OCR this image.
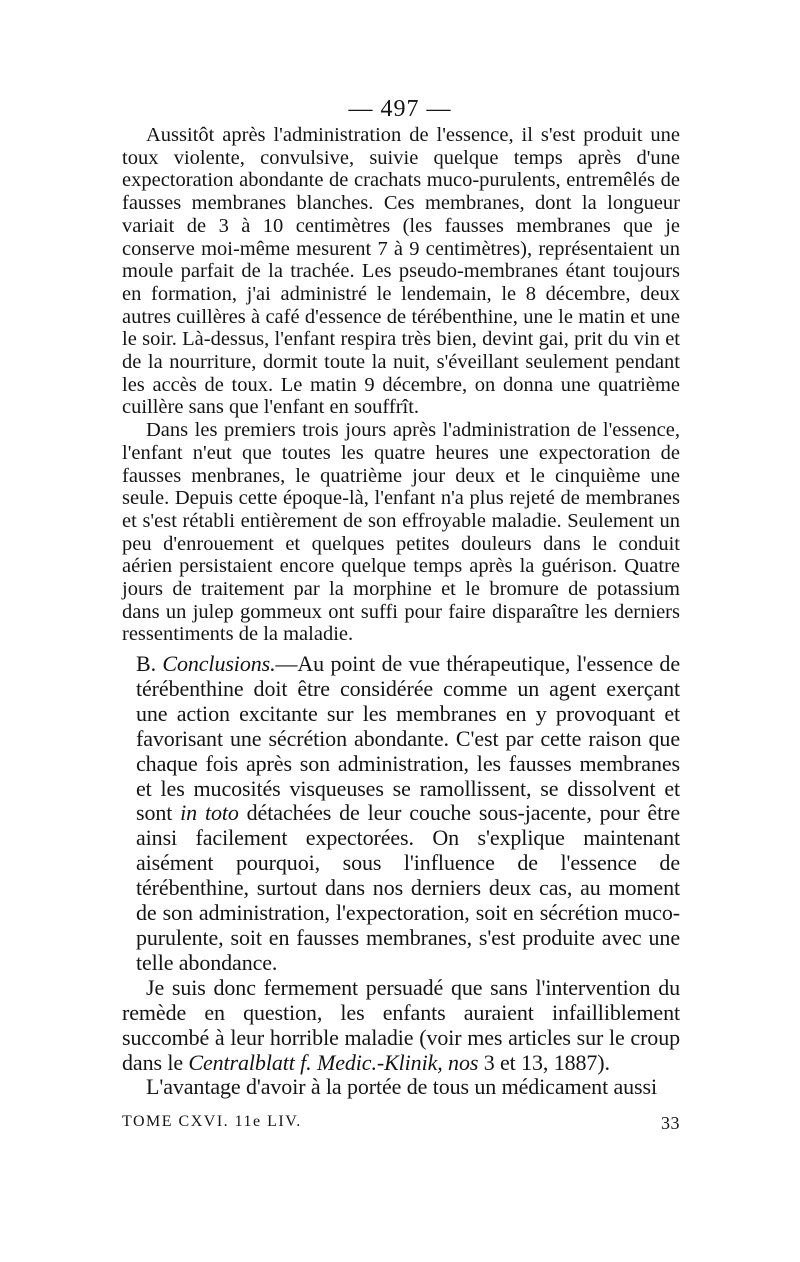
— 497 —

Aussitôt après l'administration de l'essence, il s'est produit une toux violente, convulsive, suivie quelque temps après d'une expectoration abondante de crachats muco-purulents, entremêlés de fausses membranes blanches. Ces membranes, dont la longueur variait de 3 à 10 centimètres (les fausses membranes que je conserve moi-même mesurent 7 à 9 centimètres), représentaient un moule parfait de la trachée. Les pseudo-membranes étant toujours en formation, j'ai administré le lendemain, le 8 décembre, deux autres cuillères à café d'essence de térébenthine, une le matin et une le soir. Là-dessus, l'enfant respira très bien, devint gai, prit du vin et de la nourriture, dormit toute la nuit, s'éveillant seulement pendant les accès de toux. Le matin 9 décembre, on donna une quatrième cuillère sans que l'enfant en souffrît.

Dans les premiers trois jours après l'administration de l'essence, l'enfant n'eut que toutes les quatre heures une expectoration de fausses menbranes, le quatrième jour deux et le cinquième une seule. Depuis cette époque-là, l'enfant n'a plus rejeté de membranes et s'est rétabli entièrement de son effroyable maladie. Seulement un peu d'enrouement et quelques petites douleurs dans le conduit aérien persistaient encore quelque temps après la guérison. Quatre jours de traitement par la morphine et le bromure de potassium dans un julep gommeux ont suffi pour faire disparaître les derniers ressentiments de la maladie.

B. Conclusions.—Au point de vue thérapeutique, l'essence de térébenthine doit être considérée comme un agent exerçant une action excitante sur les membranes en y provoquant et favorisant une sécrétion abondante. C'est par cette raison que chaque fois après son administration, les fausses membranes et les mucosités visqueuses se ramollissent, se dissolvent et sont in toto détachées de leur couche sous-jacente, pour être ainsi facilement expectorées. On s'explique maintenant aisément pourquoi, sous l'influence de l'essence de térébenthine, surtout dans nos derniers deux cas, au moment de son administration, l'expectoration, soit en sécrétion muco-purulente, soit en fausses membranes, s'est produite avec une telle abondance.

Je suis donc fermement persuadé que sans l'intervention du remède en question, les enfants auraient infailliblement succombé à leur horrible maladie (voir mes articles sur le croup dans le Centralblatt f. Medic.-Klinik, nos 3 et 13, 1887).

L'avantage d'avoir à la portée de tous un médicament aussi

TOME CXVI. 11e LIV.	33
